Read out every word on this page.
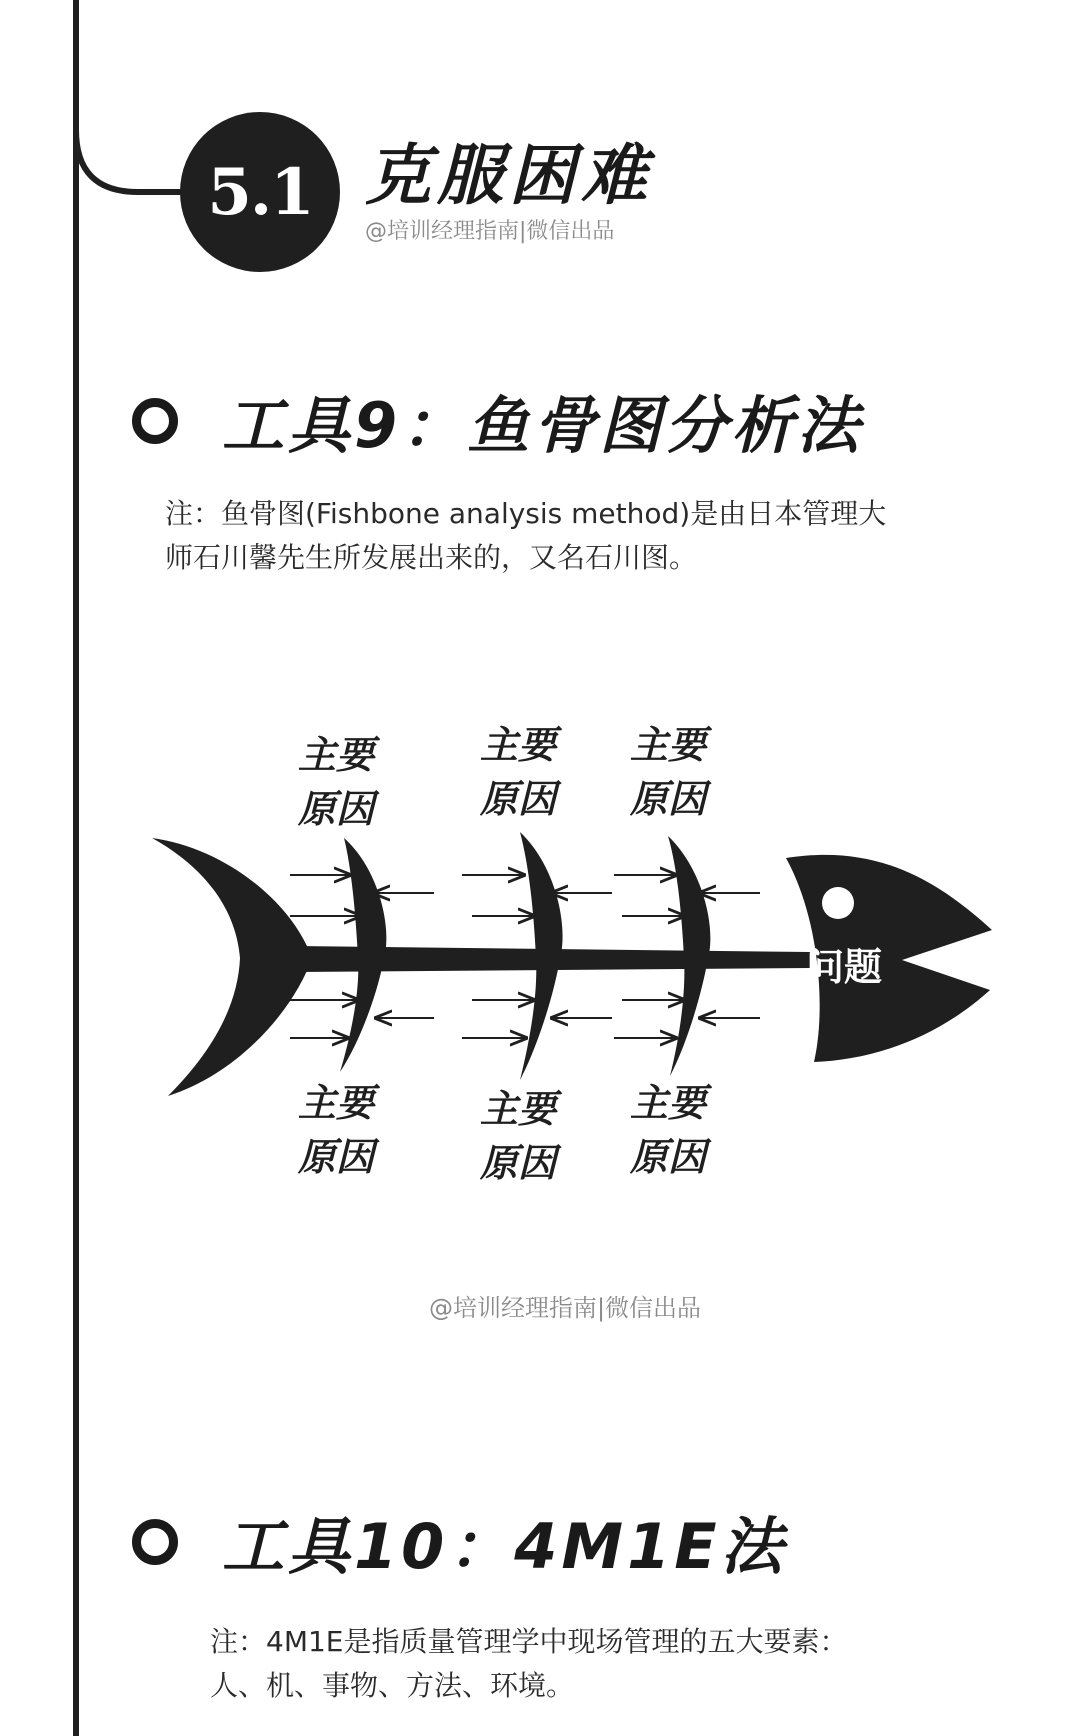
5.1 克服困难
@培训经理指南|微信出品
工具9：鱼骨图分析法

注：鱼骨图(Fishbone analysis method)是由日本管理大

师石川馨先生所发展出来的，又名石川图。

问题
主要
原因
主要
原因
主要
原因
主要
原因
主要
原因
主要
原因
@培训经理指南|微信出品
工具10：4M1E法

注：4M1E是指质量管理学中现场管理的五大要素：

人、机、事物、方法、环境。
